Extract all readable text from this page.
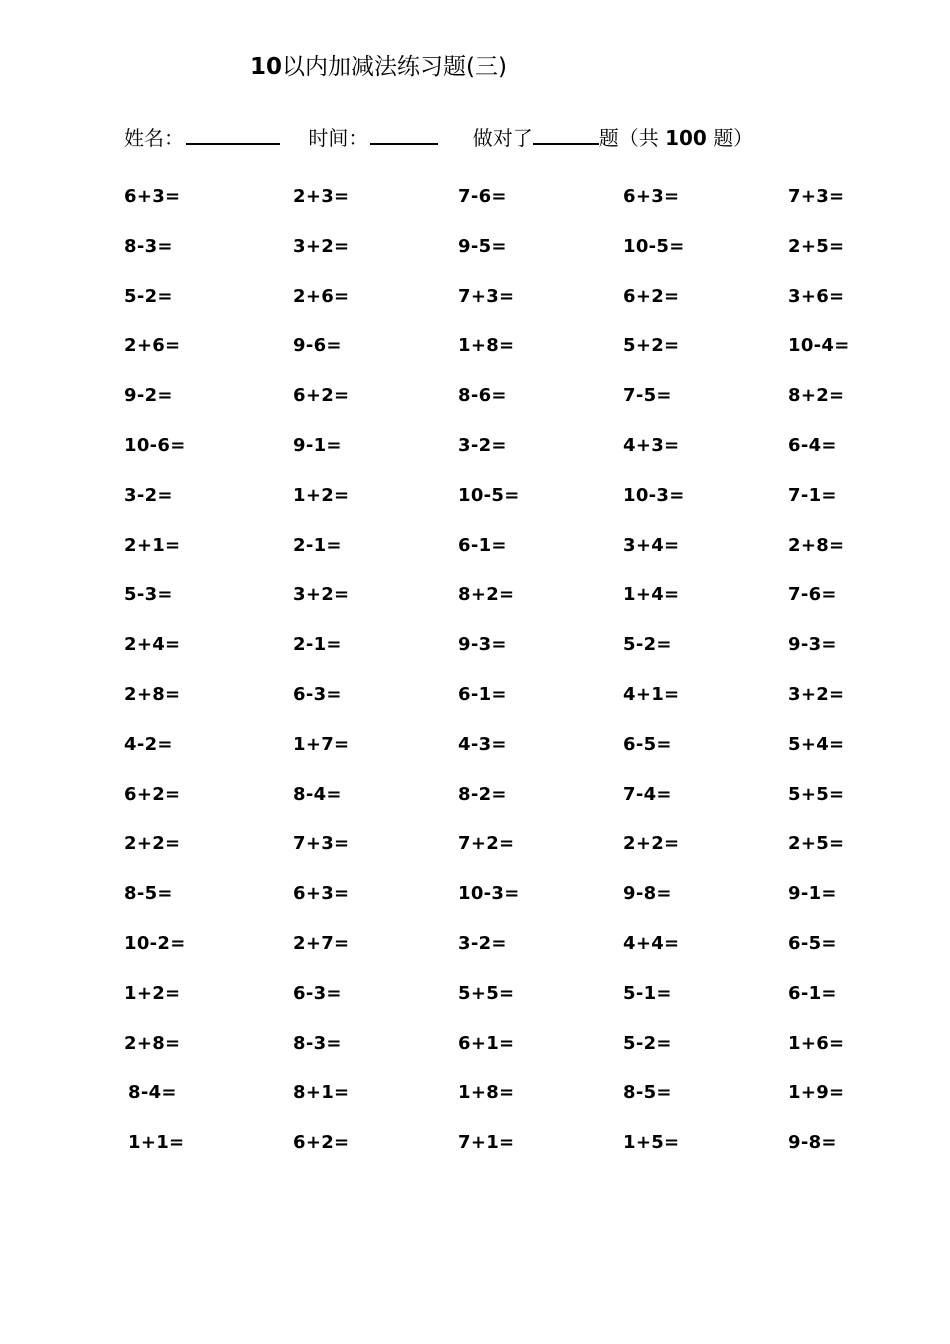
10以内加减法练习题(三)
姓名：	时间：	做对了	题（共 100 题）
6+3=	2+3=	7-6=	6+3=	7+3=
8-3=	3+2=	9-5=	10-5=	2+5=
5-2=	2+6=	7+3=	6+2=	3+6=
2+6=	9-6=	1+8=	5+2=	10-4=
9-2=	6+2=	8-6=	7-5=	8+2=
10-6=	9-1=	3-2=	4+3=	6-4=
3-2=	1+2=	10-5=	10-3=	7-1=
2+1=	2-1=	6-1=	3+4=	2+8=
5-3=	3+2=	8+2=	1+4=	7-6=
2+4=	2-1=	9-3=	5-2=	9-3=
2+8=	6-3=	6-1=	4+1=	3+2=
4-2=	1+7=	4-3=	6-5=	5+4=
6+2=	8-4=	8-2=	7-4=	5+5=
2+2=	7+3=	7+2=	2+2=	2+5=
8-5=	6+3=	10-3=	9-8=	9-1=
10-2=	2+7=	3-2=	4+4=	6-5=
1+2=	6-3=	5+5=	5-1=	6-1=
2+8=	8-3=	6+1=	5-2=	1+6=
8-4=	8+1=	1+8=	8-5=	1+9=
1+1=	6+2=	7+1=	1+5=	9-8=
